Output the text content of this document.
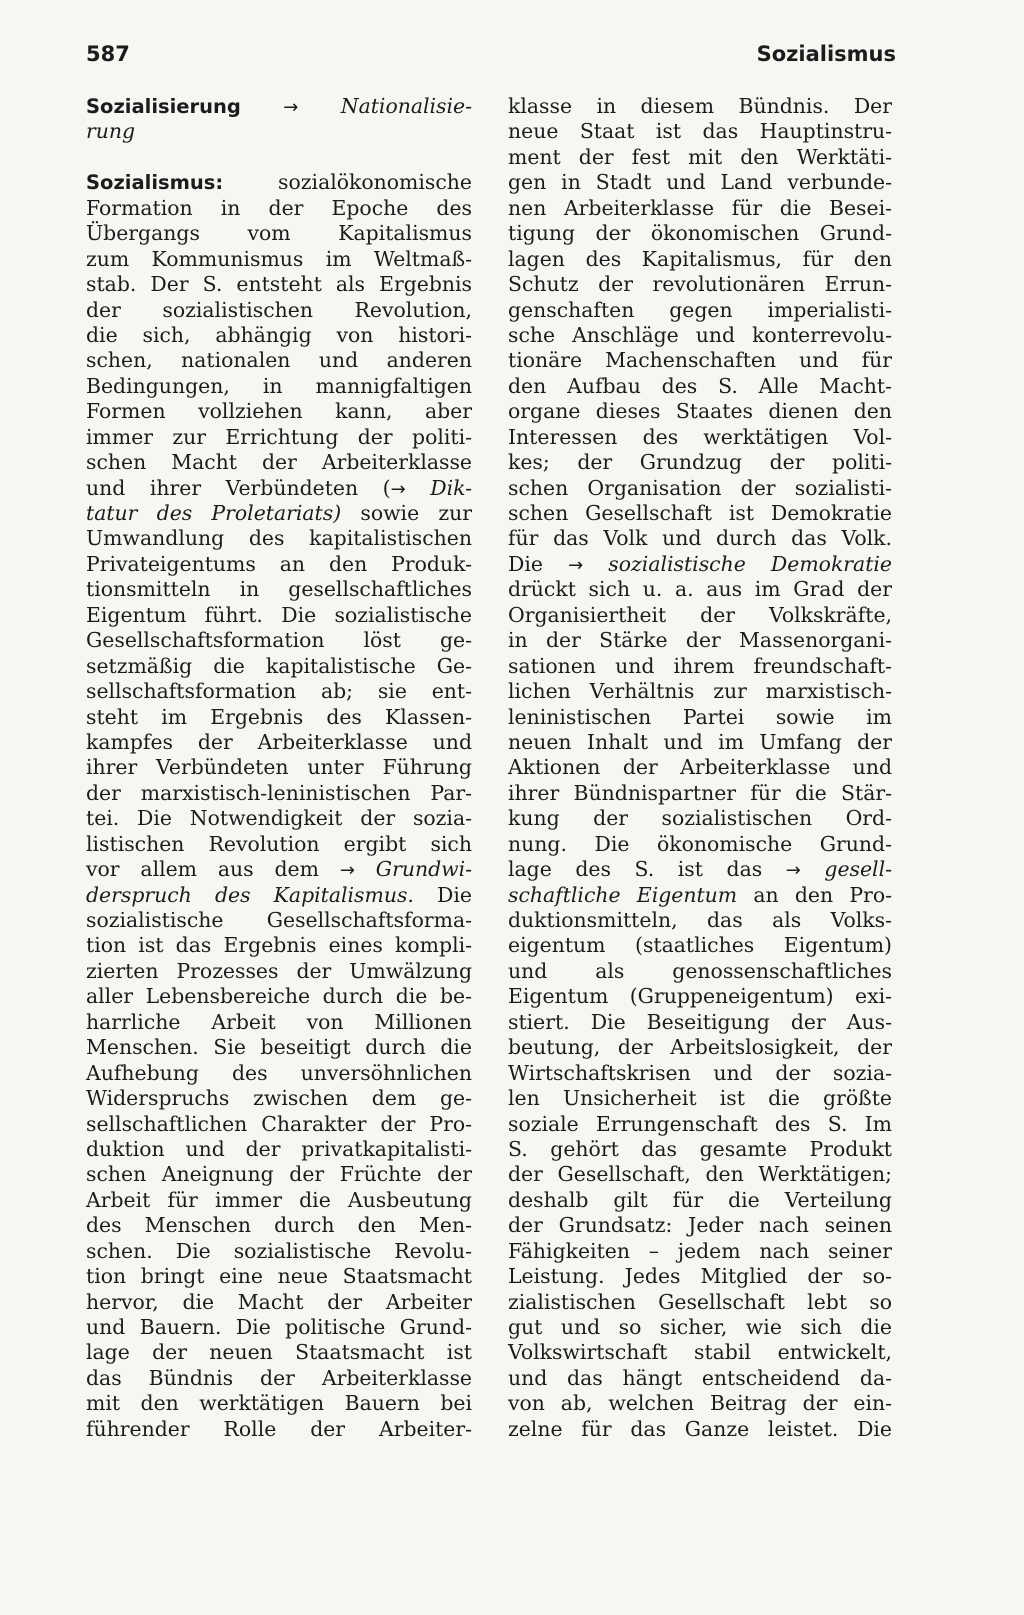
587	Sozialismus
Sozialisierung → Nationalisie-
rung
Sozialismus: sozialökonomische
Formation in der Epoche des
Übergangs vom Kapitalismus
zum Kommunismus im Weltmaß-
stab. Der S. entsteht als Ergebnis
der sozialistischen Revolution,
die sich, abhängig von histori-
schen, nationalen und anderen
Bedingungen, in mannigfaltigen
Formen vollziehen kann, aber
immer zur Errichtung der politi-
schen Macht der Arbeiterklasse
und ihrer Verbündeten (→ Dik-
tatur des Proletariats) sowie zur
Umwandlung des kapitalistischen
Privateigentums an den Produk-
tionsmitteln in gesellschaftliches
Eigentum führt. Die sozialistische
Gesellschaftsformation löst ge-
setzmäßig die kapitalistische Ge-
sellschaftsformation ab; sie ent-
steht im Ergebnis des Klassen-
kampfes der Arbeiterklasse und
ihrer Verbündeten unter Führung
der marxistisch-leninistischen Par-
tei. Die Notwendigkeit der sozia-
listischen Revolution ergibt sich
vor allem aus dem → Grundwi-
derspruch des Kapitalismus. Die
sozialistische Gesellschaftsforma-
tion ist das Ergebnis eines kompli-
zierten Prozesses der Umwälzung
aller Lebensbereiche durch die be-
harrliche Arbeit von Millionen
Menschen. Sie beseitigt durch die
Aufhebung des unversöhnlichen
Widerspruchs zwischen dem ge-
sellschaftlichen Charakter der Pro-
duktion und der privatkapitalisti-
schen Aneignung der Früchte der
Arbeit für immer die Ausbeutung
des Menschen durch den Men-
schen. Die sozialistische Revolu-
tion bringt eine neue Staatsmacht
hervor, die Macht der Arbeiter
und Bauern. Die politische Grund-
lage der neuen Staatsmacht ist
das Bündnis der Arbeiterklasse
mit den werktätigen Bauern bei
führender Rolle der Arbeiter-
klasse in diesem Bündnis. Der
neue Staat ist das Hauptinstru-
ment der fest mit den Werktäti-
gen in Stadt und Land verbunde-
nen Arbeiterklasse für die Besei-
tigung der ökonomischen Grund-
lagen des Kapitalismus, für den
Schutz der revolutionären Errun-
genschaften gegen imperialisti-
sche Anschläge und konterrevolu-
tionäre Machenschaften und für
den Aufbau des S. Alle Macht-
organe dieses Staates dienen den
Interessen des werktätigen Vol-
kes; der Grundzug der politi-
schen Organisation der sozialisti-
schen Gesellschaft ist Demokratie
für das Volk und durch das Volk.
Die → sozialistische Demokratie
drückt sich u. a. aus im Grad der
Organisiertheit der Volkskräfte,
in der Stärke der Massenorgani-
sationen und ihrem freundschaft-
lichen Verhältnis zur marxistisch-
leninistischen Partei sowie im
neuen Inhalt und im Umfang der
Aktionen der Arbeiterklasse und
ihrer Bündnispartner für die Stär-
kung der sozialistischen Ord-
nung. Die ökonomische Grund-
lage des S. ist das → gesell-
schaftliche Eigentum an den Pro-
duktionsmitteln, das als Volks-
eigentum (staatliches Eigentum)
und als genossenschaftliches
Eigentum (Gruppeneigentum) exi-
stiert. Die Beseitigung der Aus-
beutung, der Arbeitslosigkeit, der
Wirtschaftskrisen und der sozia-
len Unsicherheit ist die größte
soziale Errungenschaft des S. Im
S. gehört das gesamte Produkt
der Gesellschaft, den Werktätigen;
deshalb gilt für die Verteilung
der Grundsatz: Jeder nach seinen
Fähigkeiten – jedem nach seiner
Leistung. Jedes Mitglied der so-
zialistischen Gesellschaft lebt so
gut und so sicher, wie sich die
Volkswirtschaft stabil entwickelt,
und das hängt entscheidend da-
von ab, welchen Beitrag der ein-
zelne für das Ganze leistet. Die
